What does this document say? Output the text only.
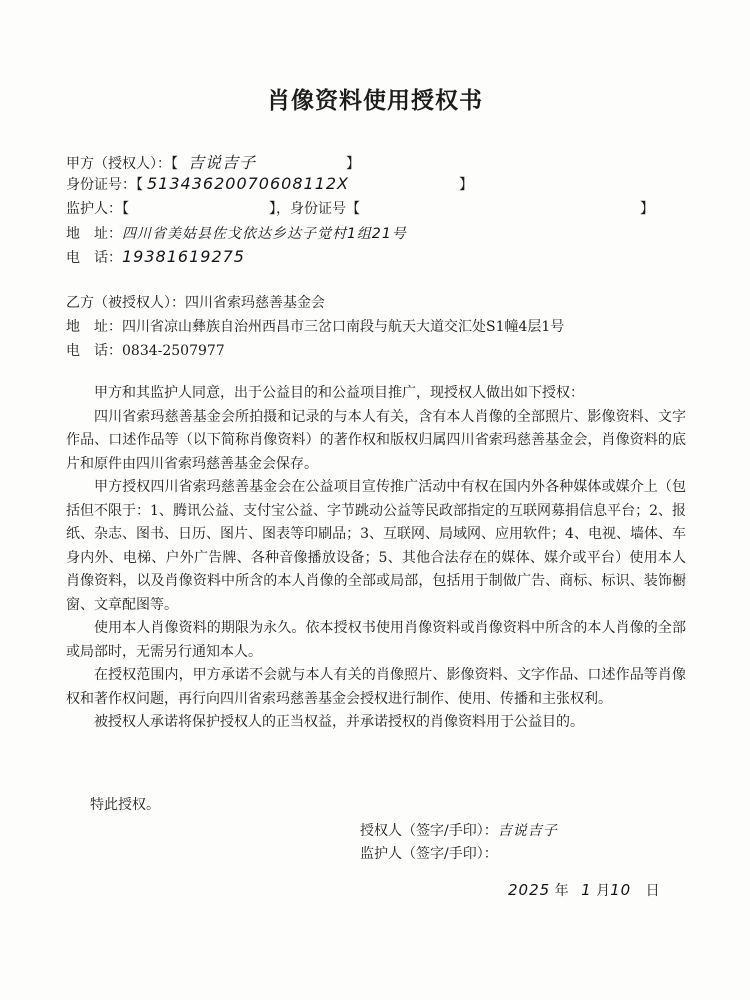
肖像资料使用授权书
甲方（授权人）：【 吉说吉子	】
身份证号：【 51343620070608112X	】
监护人：【	】，身份证号【	】
地　址：四川省美姑县佐戈依达乡达子觉村1组21号
电　话：19381619275
乙方（被授权人）：四川省索玛慈善基金会
地　址：四川省凉山彝族自治州西昌市三岔口南段与航天大道交汇处S1幢4层1号
电　话：0834-2507977

甲方和其监护人同意，出于公益目的和公益项目推广，现授权人做出如下授权：

四川省索玛慈善基金会所拍摄和记录的与本人有关，含有本人肖像的全部照片、影像资料、文字作品、口述作品等（以下简称肖像资料）的著作权和版权归属四川省索玛慈善基金会，肖像资料的底片和原件由四川省索玛慈善基金会保存。

甲方授权四川省索玛慈善基金会在公益项目宣传推广活动中有权在国内外各种媒体或媒介上（包括但不限于：1、腾讯公益、支付宝公益、字节跳动公益等民政部指定的互联网募捐信息平台；2、报纸、杂志、图书、日历、图片、图表等印刷品；3、互联网、局域网、应用软件；4、电视、墙体、车身内外、电梯、户外广告牌、各种音像播放设备；5、其他合法存在的媒体、媒介或平台）使用本人肖像资料，以及肖像资料中所含的本人肖像的全部或局部，包括用于制做广告、商标、标识、装饰橱窗、文章配图等。

使用本人肖像资料的期限为永久。依本授权书使用肖像资料或肖像资料中所含的本人肖像的全部或局部时，无需另行通知本人。

在授权范围内，甲方承诺不会就与本人有关的肖像照片、影像资料、文字作品、口述作品等肖像权和著作权问题，再行向四川省索玛慈善基金会授权进行制作、使用、传播和主张权利。

被授权人承诺将保护授权人的正当权益，并承诺授权的肖像资料用于公益目的。

特此授权。
授权人（签字/手印）：吉说吉子
监护人（签字/手印）：
2025 年 1 月10 日
